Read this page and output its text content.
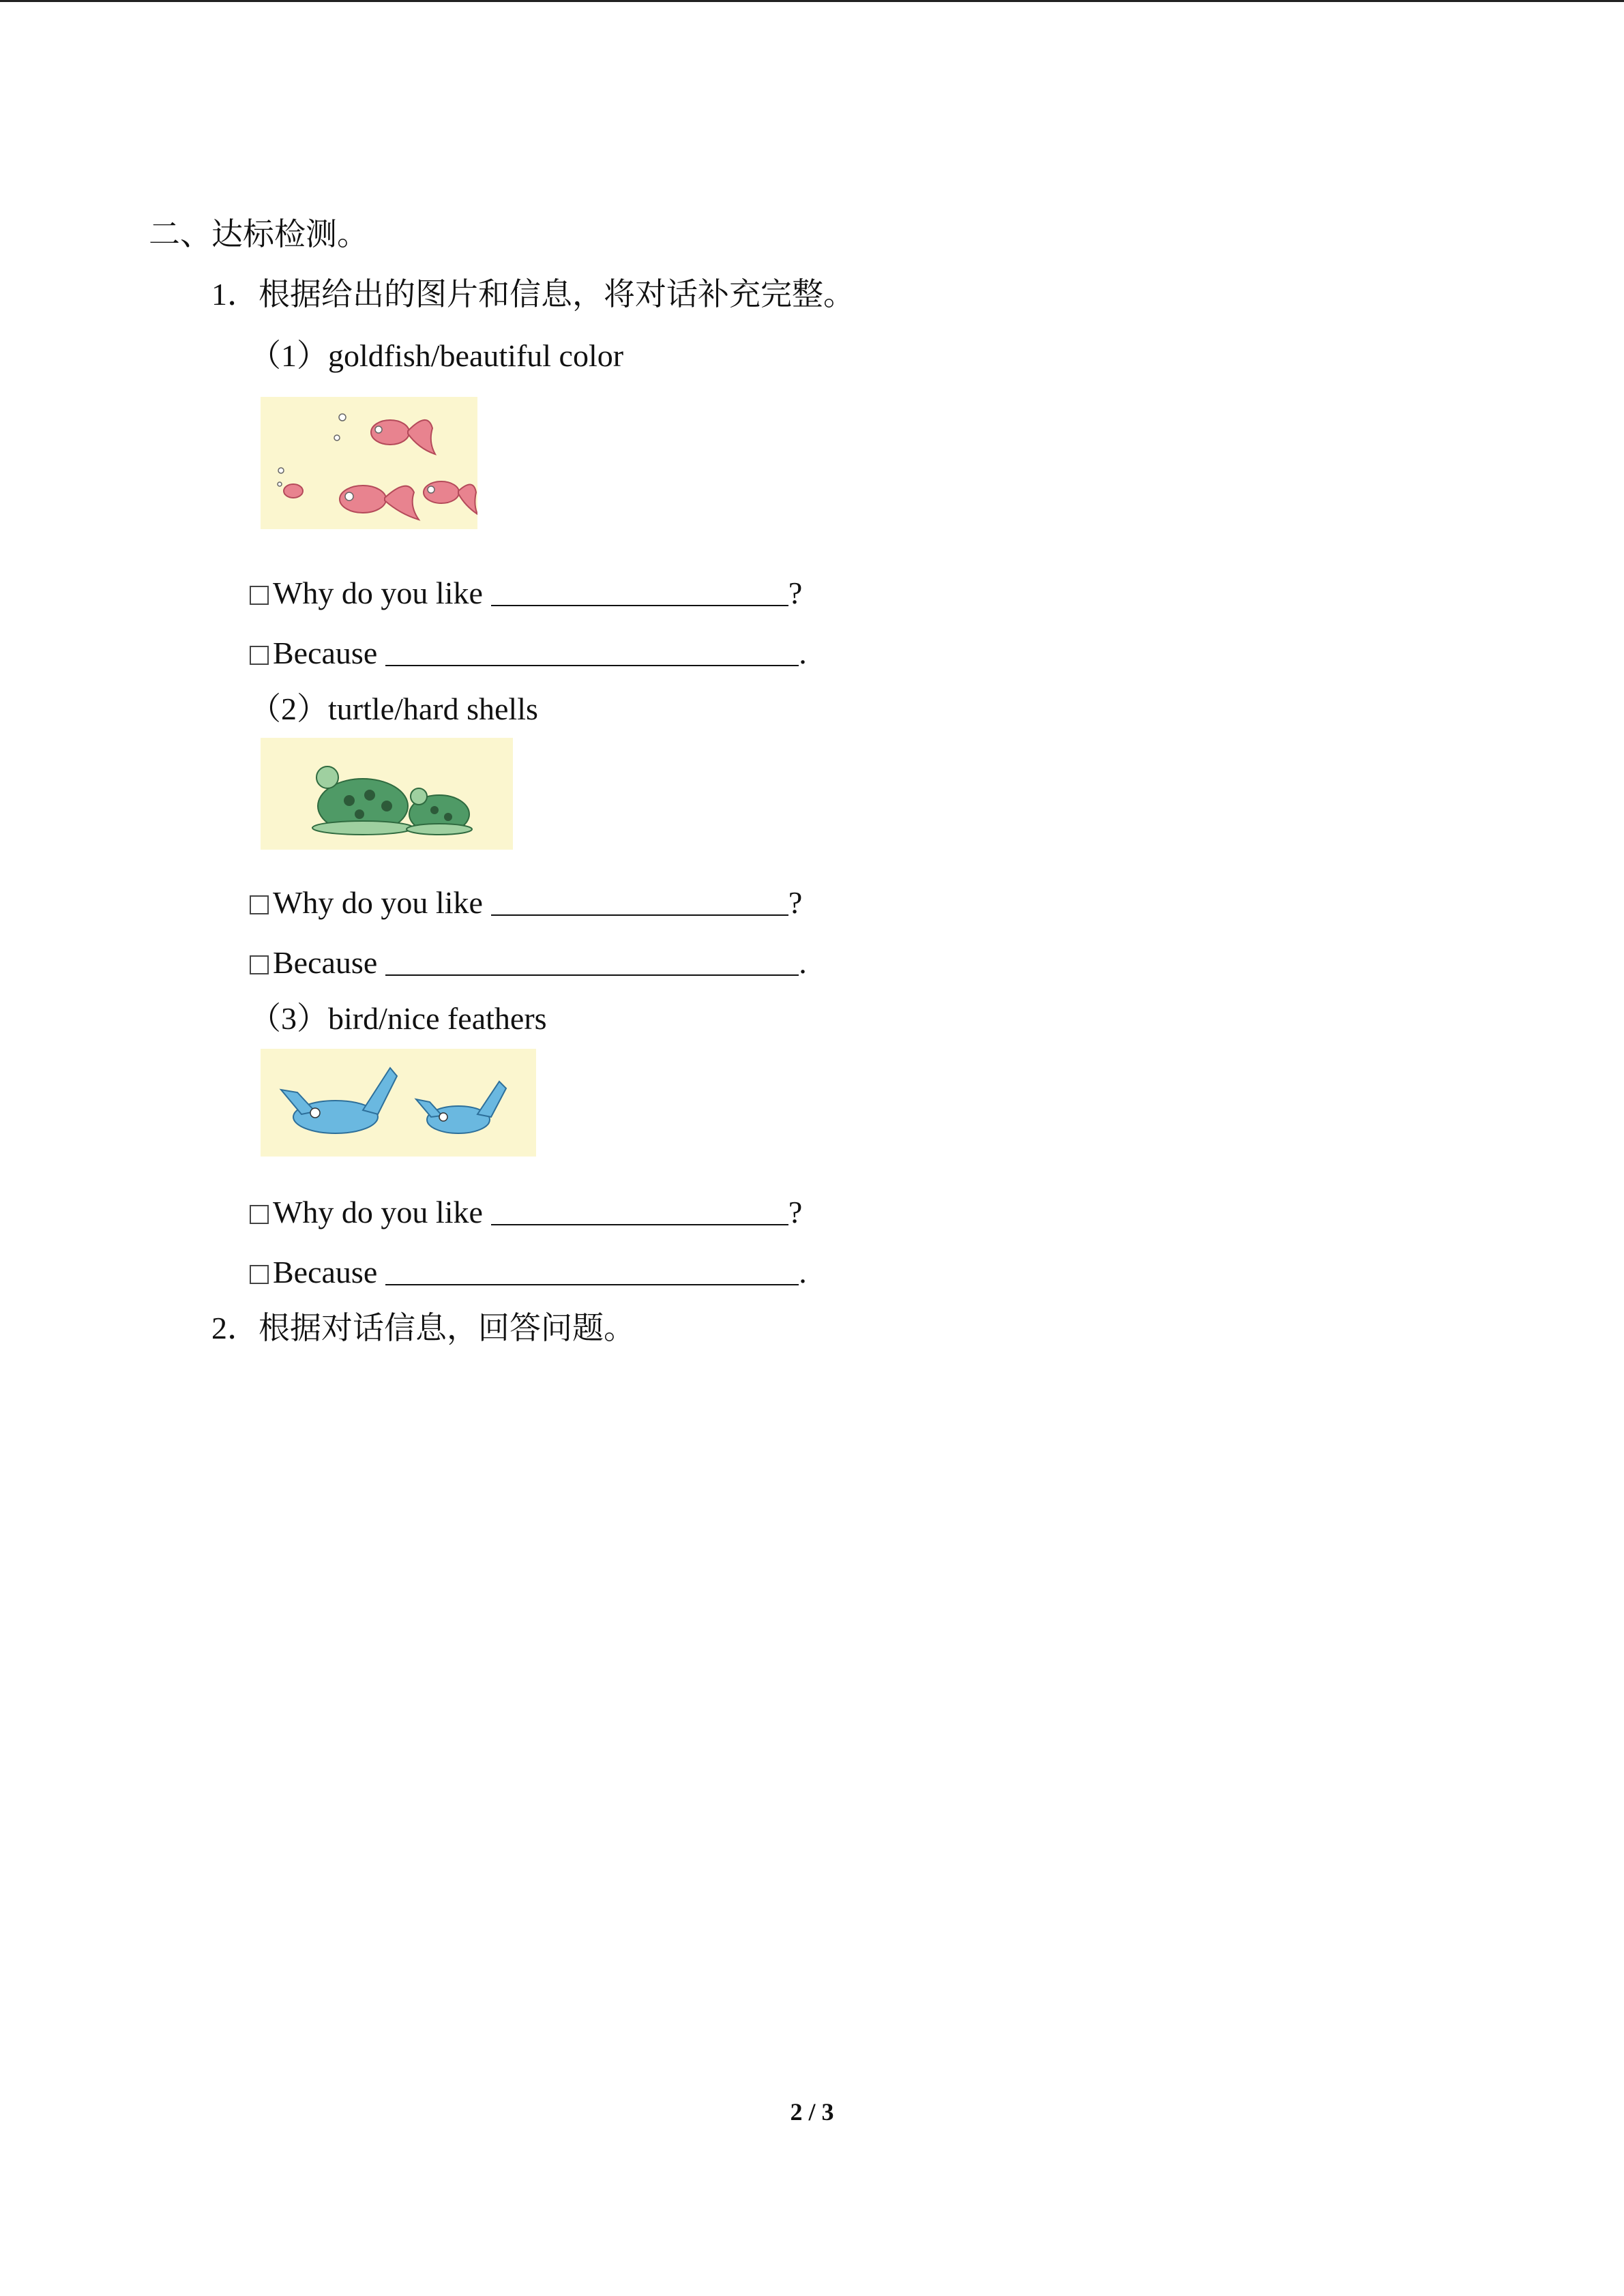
二、达标检测。
1．根据给出的图片和信息，将对话补充完整。
（1）goldfish/beautiful color
Why do you like	?
Because	.
（2）turtle/hard shells
Why do you like	?
Because	.
（3）bird/nice feathers
Why do you like	?
Because	.
2．根据对话信息，回答问题。
2 / 3
